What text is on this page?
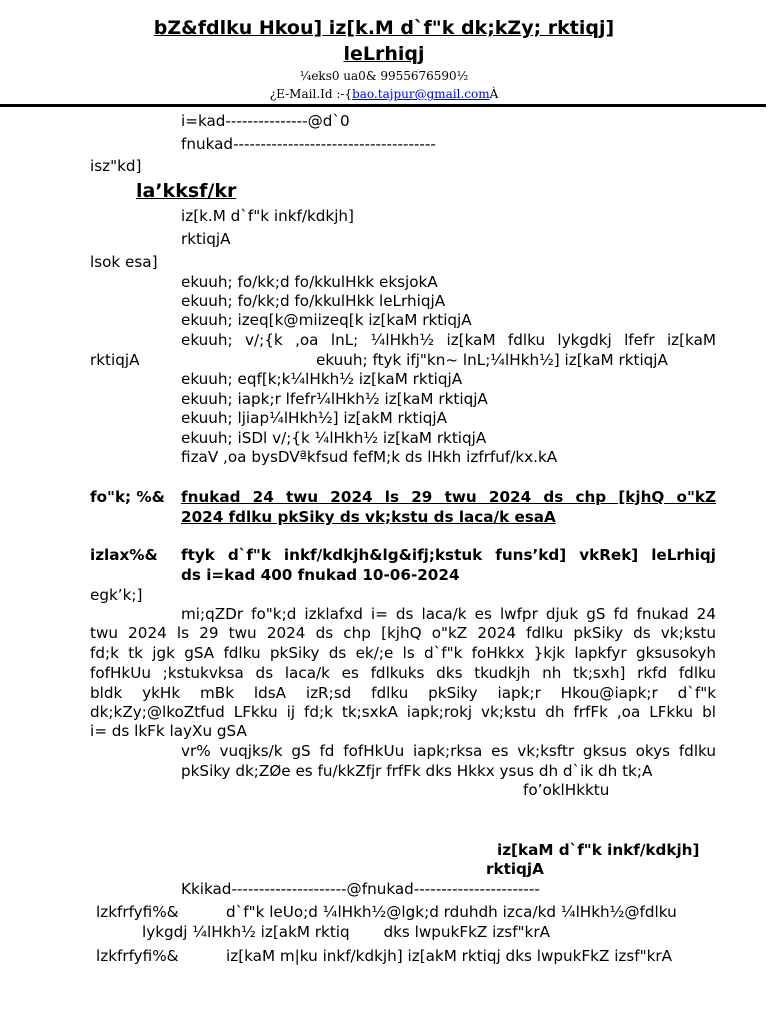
bZ&fdlku Hkou] iz[k.M d`f"k dk;kZy; rktiqj]
leLrhiqj
¼eks0 ua0& 9955676590½
¿E-Mail.Id :-{bao.tajpur@gmail.comÀ
i=kad---------------@d`0
fnukad-------------------------------------
isz"kd]
la’kksf/kr
iz[k.M d`f"k inkf/kdkjh]
rktiqjA
lsok esa]
ekuuh; fo/kk;d fo/kkulHkk eksjokA
ekuuh; fo/kk;d fo/kkulHkk leLrhiqjA
ekuuh; izeq[k@miizeq[k iz[kaM rktiqjA
ekuuh; v/;{k ,oa lnL; ¼lHkh½ iz[kaM fdlku lykgdkj lfefr iz[kaM
rktiqjA	ekuuh; ftyk ifj"kn~ lnL;¼lHkh½] iz[kaM rktiqjA
ekuuh; eqf[k;k¼lHkh½ iz[kaM rktiqjA
ekuuh; iapk;r lfefr¼lHkh½ iz[kaM rktiqjA
ekuuh; ljiap¼lHkh½] iz[akM rktiqjA
ekuuh; iSDl v/;{k ¼lHkh½ iz[kaM rktiqjA
fizaV ,oa bysDVªkfsud fefM;k ds lHkh izfrfuf/kx.kA
fo"k; %& fnukad 24 twu 2024 ls 29 twu 2024 ds chp [kjhQ o"kZ
2024 fdlku pkSiky ds vk;kstu ds laca/k esaA
izlax%& ftyk d`f"k inkf/kdkjh&lg&ifj;kstuk funs’kd] vkRek] leLrhiqj
ds i=kad 400 fnukad 10-06-2024
egk’k;]
mi;qZDr fo"k;d izklafxd i= ds laca/k es lwfpr djuk gS fd fnukad 24
twu 2024 ls 29 twu 2024 ds chp [kjhQ o"kZ 2024 fdlku pkSiky ds vk;kstu
fd;k tk jgk gSA fdlku pkSiky ds ek/;e ls d`f"k foHkkx }kjk lapkfyr gksusokyh
fofHkUu ;kstukvksa ds laca/k es fdlkuks dks tkudkjh nh tk;sxh] rkfd fdlku
bldk ykHk mBk ldsA izR;sd fdlku pkSiky iapk;r Hkou@iapk;r d`f"k
dk;kZy;@lkoZtfud LFkku ij fd;k tk;sxkA iapk;rokj vk;kstu dh frfFk ,oa LFkku bl
i= ds lkFk layXu gSA
vr% vuqjks/k gS fd fofHkUu iapk;rksa es vk;ksftr gksus okys fdlku
pkSiky dk;ZØe es fu/kkZfjr frfFk dks Hkkx ysus dh d`ik dh tk;A
fo’oklHkktu
iz[kaM d`f"k inkf/kdkjh]
rktiqjA
Kkikad---------------------@fnukad-----------------------
lzkfrfyfi%&	d`f"k leUo;d ¼lHkh½@lgk;d rduhdh izca/kd ¼lHkh½@fdlku
lykgdj ¼lHkh½ iz[akM rktiq       dks lwpukFkZ izsf"krA
lzkfrfyfi%&	iz[kaM m|ku inkf/kdkjh] iz[akM rktiqj dks lwpukFkZ izsf"krA
